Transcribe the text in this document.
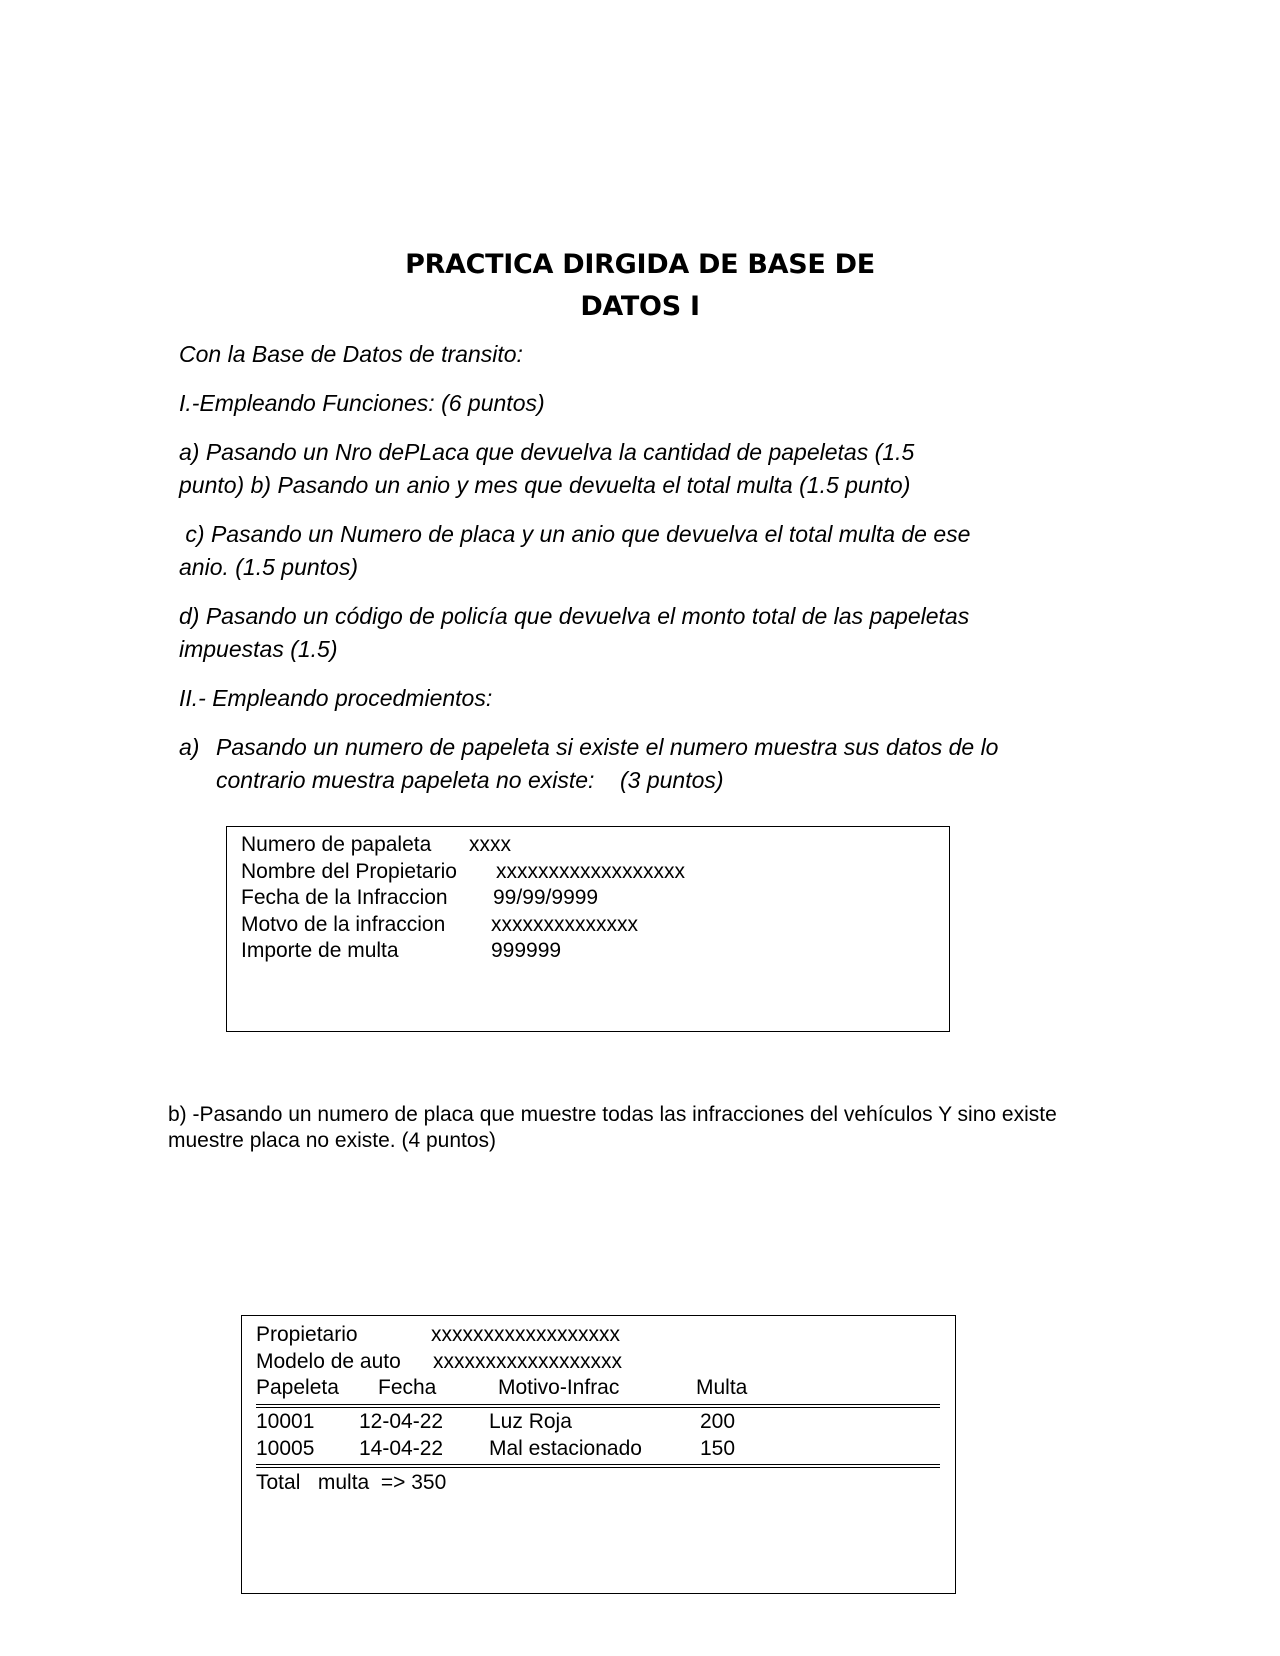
PRACTICA DIRGIDA DE BASE DE
DATOS I
Con la Base de Datos de transito:
I.-Empleando Funciones: (6 puntos)
a) Pasando un Nro dePLaca que devuelva la cantidad de papeletas (1.5
punto) b) Pasando un anio y mes que devuelta el total multa (1.5 punto)
c) Pasando un Numero de placa y un anio que devuelva el total multa de ese
anio. (1.5 puntos)
d) Pasando un código de policía que devuelva el monto total de las papeletas
impuestas (1.5)
II.- Empleando procedmientos:
a) Pasando un numero de papeleta si existe el numero muestra sus datos de lo contrario muestra papeleta no existe:    (3 puntos)
Numero de papaleta xxxx
Nombre del Propietario xxxxxxxxxxxxxxxxxx
Fecha de la Infraccion 99/99/9999
Motvo de la infraccion xxxxxxxxxxxxxx
Importe de multa	999999
b) -Pasando un numero de placa que muestre todas las infracciones del vehículos Y sino existe
muestre placa no existe. (4 puntos)
Propietario	xxxxxxxxxxxxxxxxxx
Modelo de auto xxxxxxxxxxxxxxxxxx
Papeleta Fecha	Motivo-Infrac	Multa
10001 12-04-22 Luz Roja	200
10005 14-04-22 Mal estacionado	150
Total   multa  => 350
